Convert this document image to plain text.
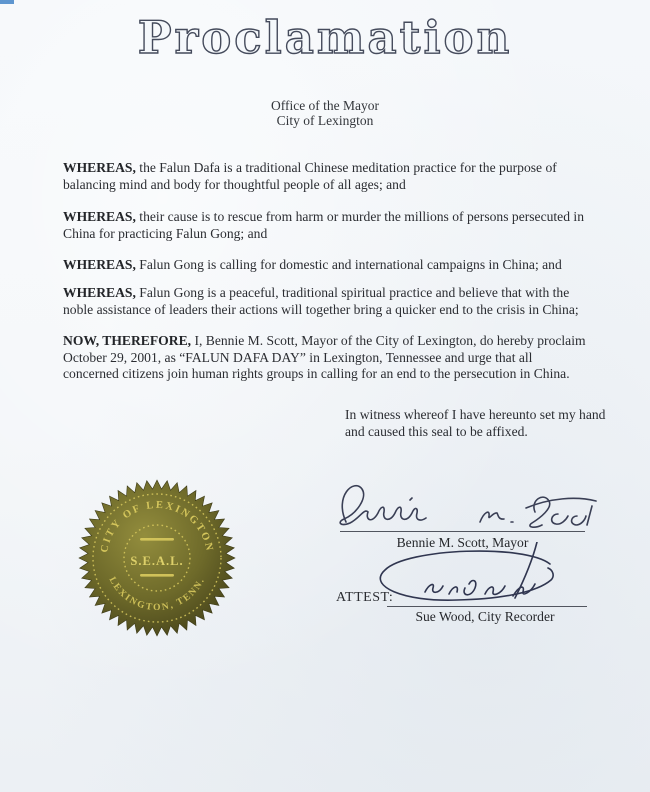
Proclamation
Office of the Mayor
City of Lexington

WHEREAS, the Falun Dafa is a traditional Chinese meditation practice for the purpose of balancing mind and body for thoughtful people of all ages; and

WHEREAS, their cause is to rescue from harm or murder the millions of persons persecuted in China for practicing Falun Gong; and

WHEREAS, Falun Gong is calling for domestic and international campaigns in China; and

WHEREAS, Falun Gong is a peaceful, traditional spiritual practice and believe that with the noble assistance of leaders their actions will together bring a quicker end to the crisis in China;

NOW, THEREFORE, I, Bennie M. Scott, Mayor of the City of Lexington, do hereby proclaim October 29, 2001, as “FALUN DAFA DAY” in Lexington, Tennessee and urge that all concerned citizens join human rights groups in calling for an end to the persecution in China.

In witness whereof I have hereunto set my hand and caused this seal to be affixed.

CITY OF LEXINGTON
LEXINGTON, TENN.
S.E.A.L.
Bennie M. Scott, Mayor
ATTEST:
Sue Wood, City Recorder
